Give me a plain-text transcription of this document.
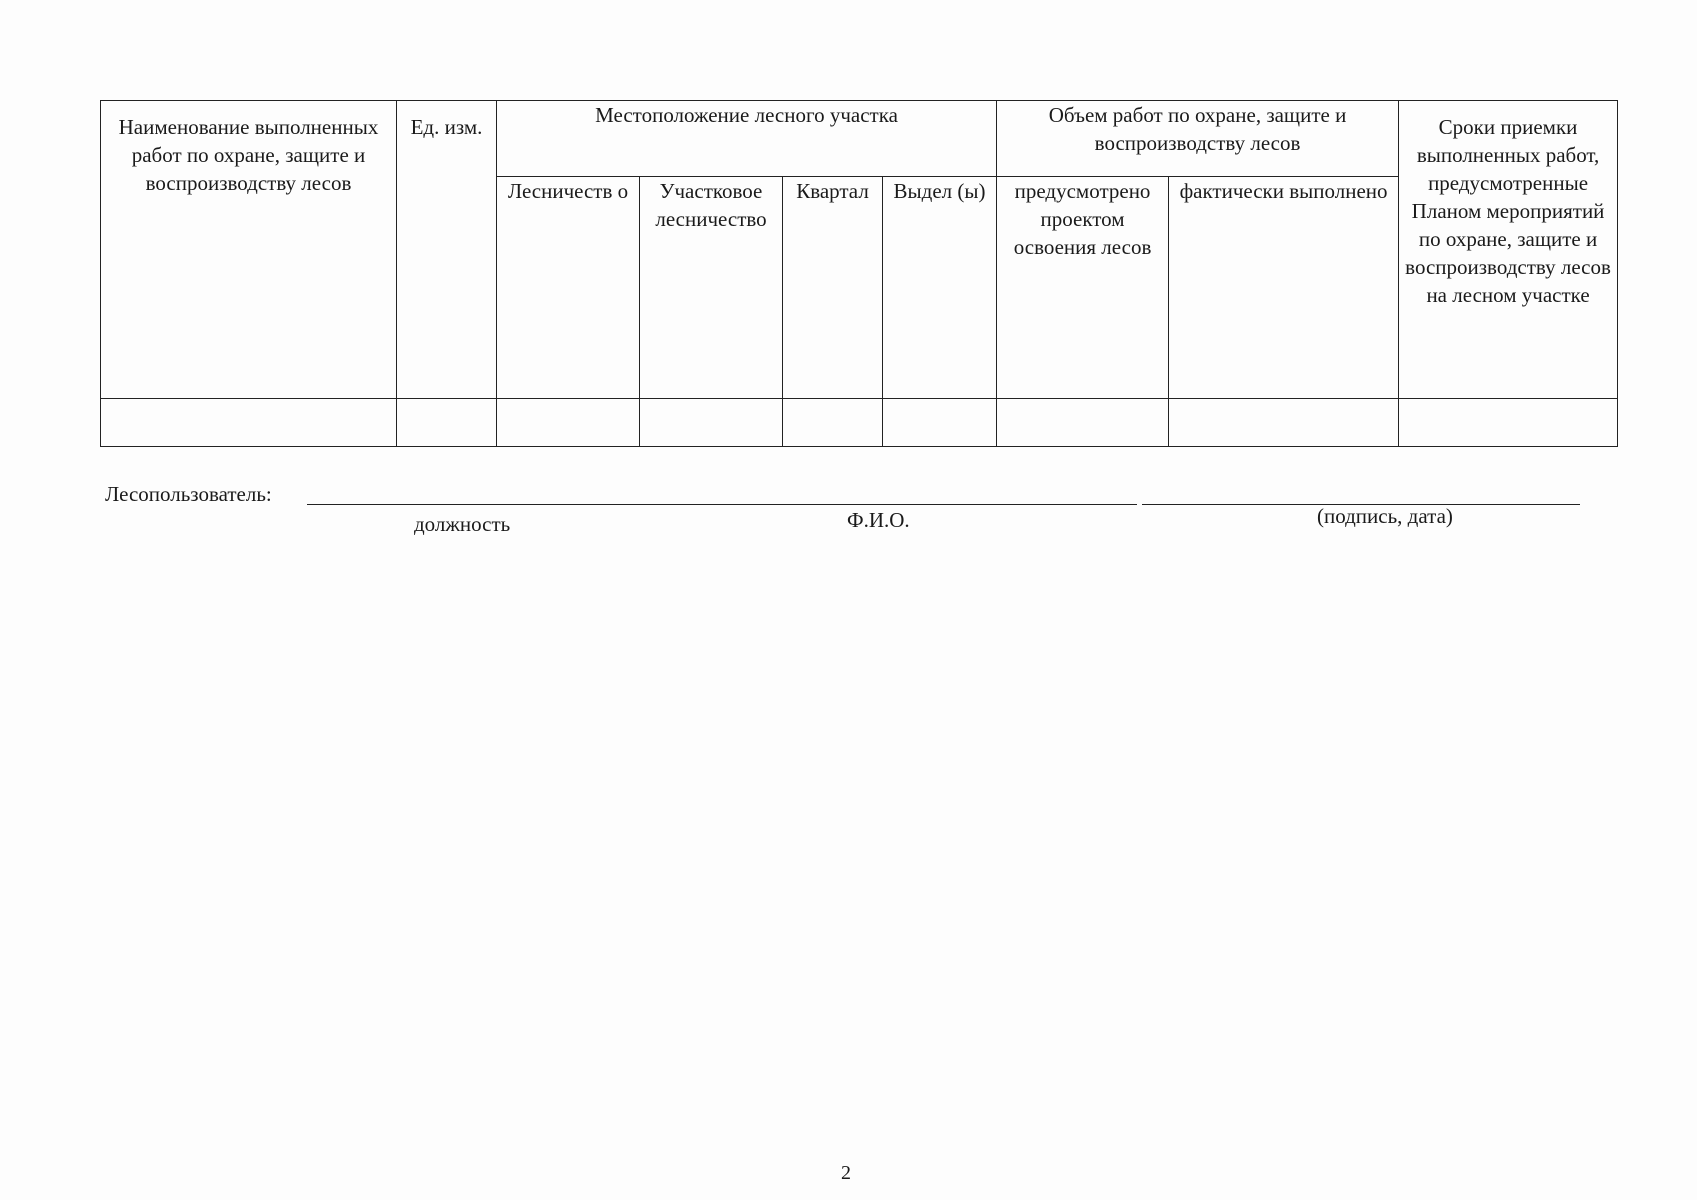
Наименование выполненных работ по охране, защите и воспроизводству лесов	Ед. изм.	Местоположение лесного участка				Объем работ по охране, защите и воспроизводству лесов		Сроки приемки выполненных работ, предусмотренные Планом мероприятий по охране, защите и воспроизводству лесов на лесном участке
		Лесничеств о	Участковое лесничество	Квартал	Выдел (ы)	предусмотрено проектом освоения лесов	фактически выполнено	

Лесопользователь:
должность	Ф.И.О.	(подпись, дата)
2
